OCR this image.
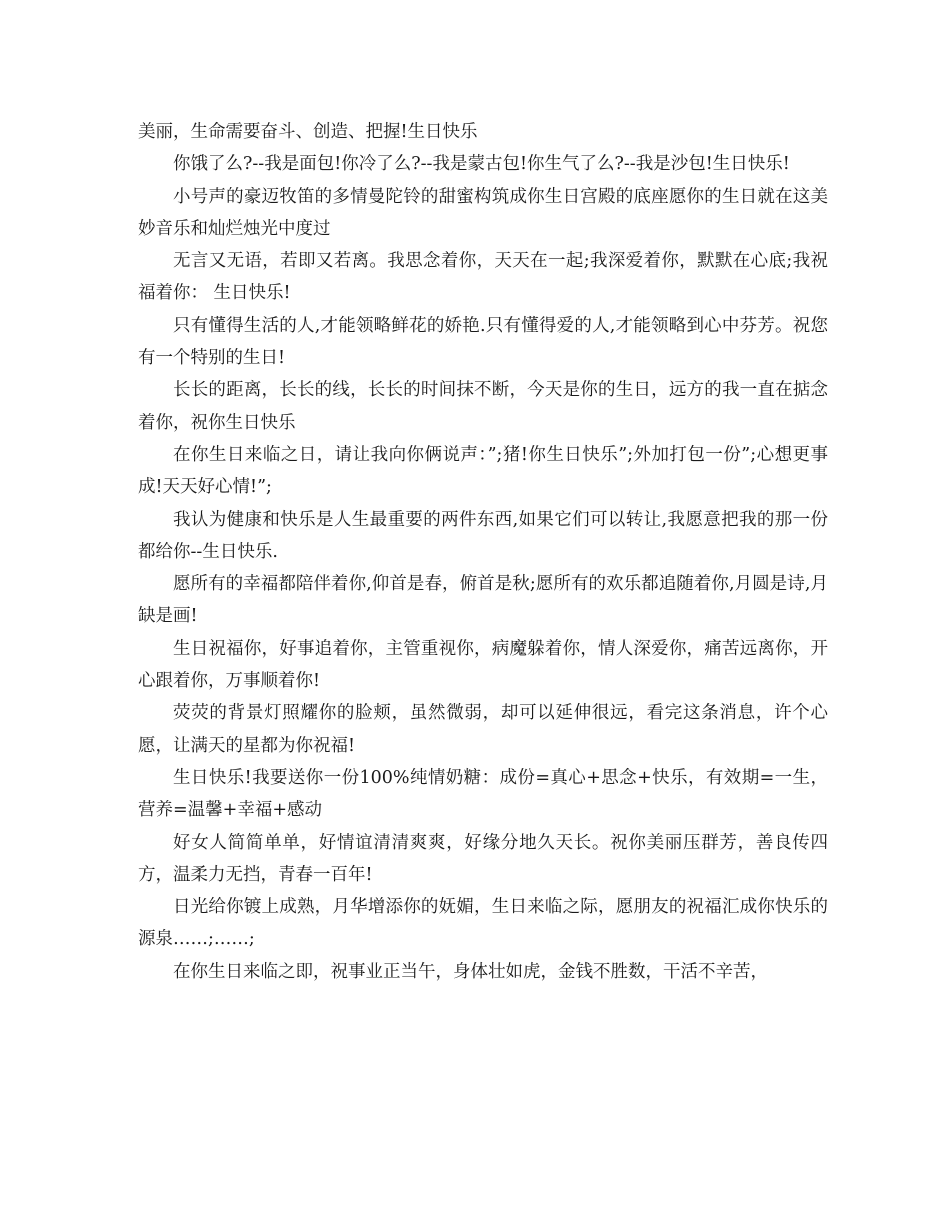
美丽，生命需要奋斗、创造、把握!生日快乐

你饿了么?--我是面包!你冷了么?--我是蒙古包!你生气了么?--我是沙包!生日快乐!

小号声的豪迈牧笛的多情曼陀铃的甜蜜构筑成你生日宫殿的底座愿你的生日就在这美妙音乐和灿烂烛光中度过

无言又无语，若即又若离。我思念着你，天天在一起;我深爱着你，默默在心底;我祝福着你： 生日快乐!

只有懂得生活的人,才能领略鲜花的娇艳.只有懂得爱的人,才能领略到心中芬芳。祝您有一个特别的生日!

长长的距离，长长的线，长长的时间抹不断，今天是你的生日，远方的我一直在掂念着你，祝你生日快乐

在你生日来临之日，请让我向你俩说声：”;猪!你生日快乐”;外加打包一份”;心想更事成!天天好心情!”;

我认为健康和快乐是人生最重要的两件东西,如果它们可以转让,我愿意把我的那一份都给你--生日快乐.

愿所有的幸福都陪伴着你,仰首是春，俯首是秋;愿所有的欢乐都追随着你,月圆是诗,月缺是画!

生日祝福你，好事追着你，主管重视你，病魔躲着你，情人深爱你，痛苦远离你，开心跟着你，万事顺着你!

荧荧的背景灯照耀你的脸颊，虽然微弱，却可以延伸很远，看完这条消息，许个心愿，让满天的星都为你祝福!

生日快乐!我要送你一份100%纯情奶糖：成份=真心+思念+快乐，有效期=一生，营养=温馨+幸福+感动

好女人简简单单，好情谊清清爽爽，好缘分地久天长。祝你美丽压群芳，善良传四方，温柔力无挡，青春一百年!

日光给你镀上成熟，月华增添你的妩媚，生日来临之际，愿朋友的祝福汇成你快乐的源泉……;……;

在你生日来临之即，祝事业正当午，身体壮如虎，金钱不胜数，干活不辛苦，
